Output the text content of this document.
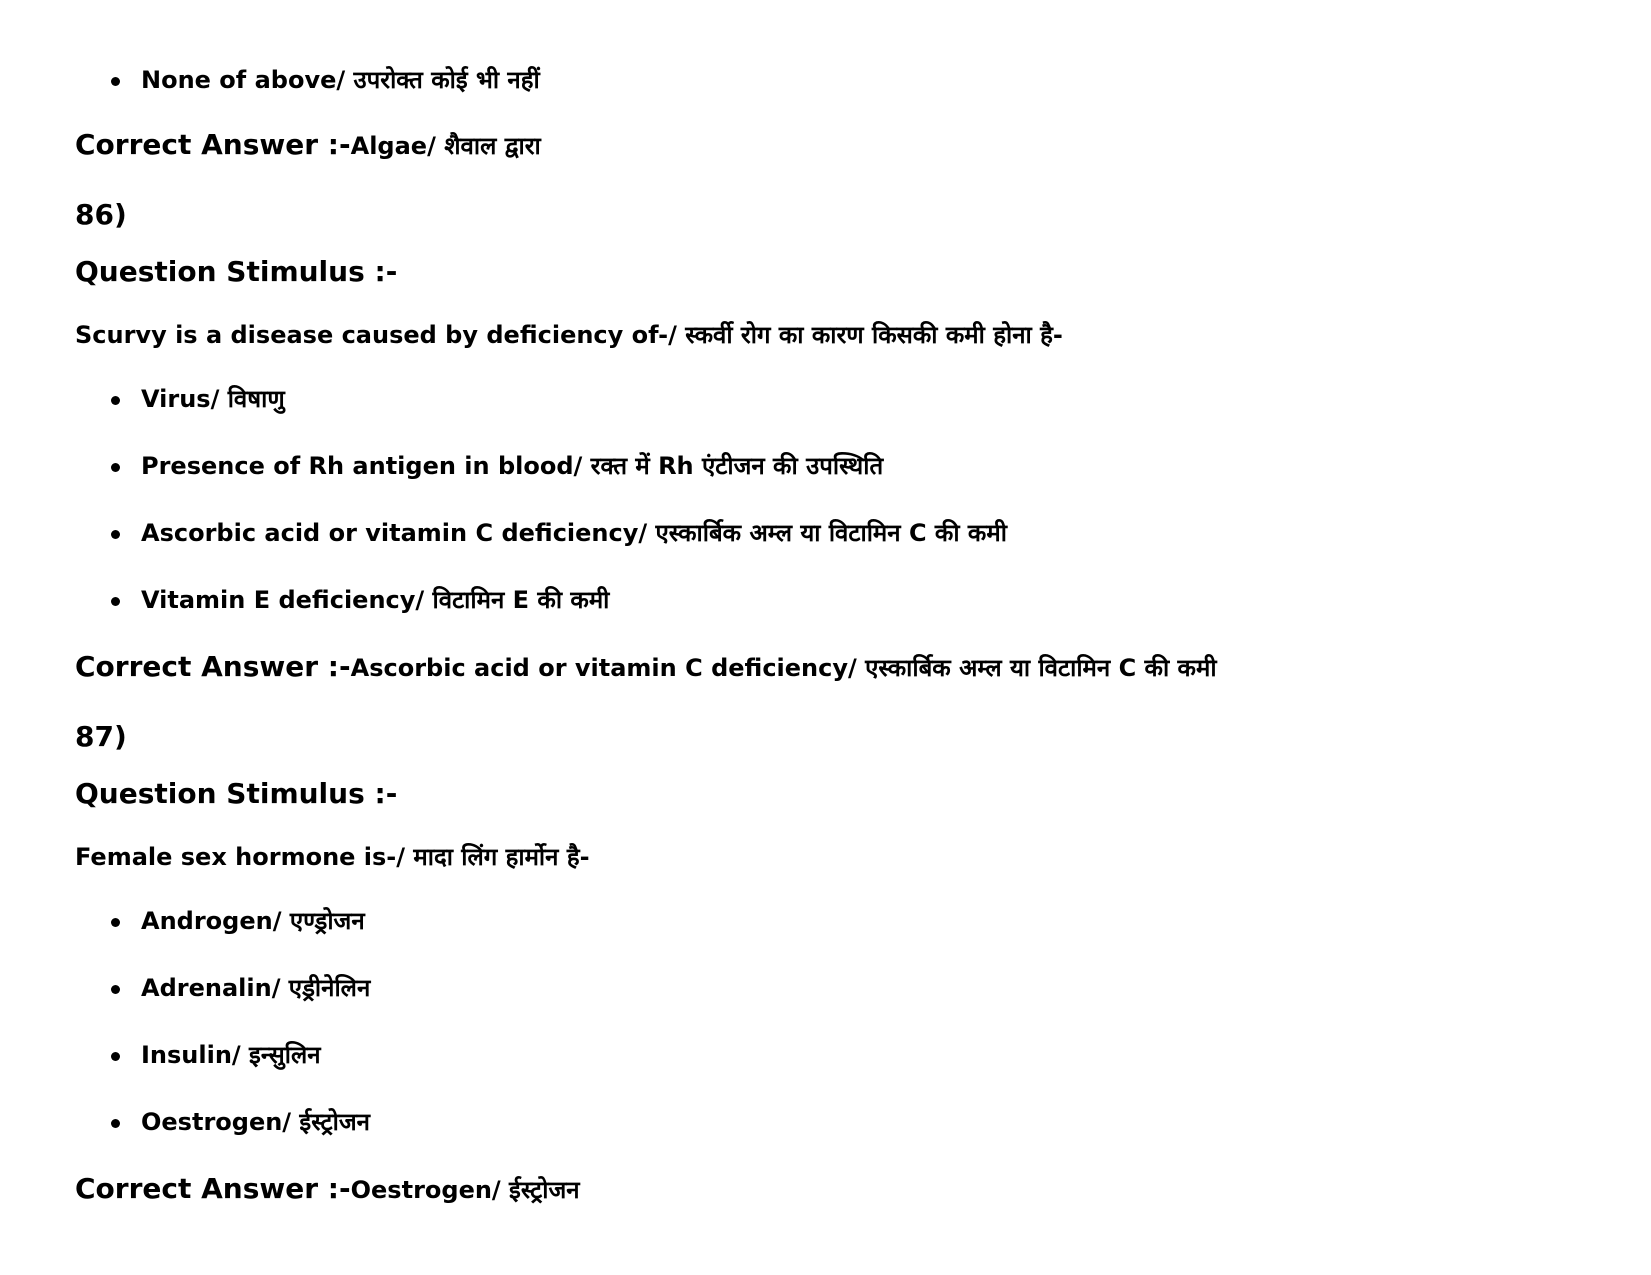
None of above/ उपरोक्त कोई भी नहीं
Correct Answer :-Algae/ शैवाल द्वारा
86)
Question Stimulus :-
Scurvy is a disease caused by deficiency of-/ स्कर्वी रोग का कारण किसकी कमी होना है-
Virus/ विषाणु
Presence of Rh antigen in blood/ रक्त में Rh एंटीजन की उपस्थिति
Ascorbic acid or vitamin C deficiency/ एस्कार्बिक अम्ल या विटामिन C की कमी
Vitamin E deficiency/ विटामिन E की कमी
Correct Answer :-Ascorbic acid or vitamin C deficiency/ एस्कार्बिक अम्ल या विटामिन C की कमी
87)
Question Stimulus :-
Female sex hormone is-/ मादा लिंग हार्मोन है-
Androgen/ एण्ड्रोजन
Adrenalin/ एड्रीनेलिन
Insulin/ इन्सुलिन
Oestrogen/ ईस्ट्रोजन
Correct Answer :-Oestrogen/ ईस्ट्रोजन
